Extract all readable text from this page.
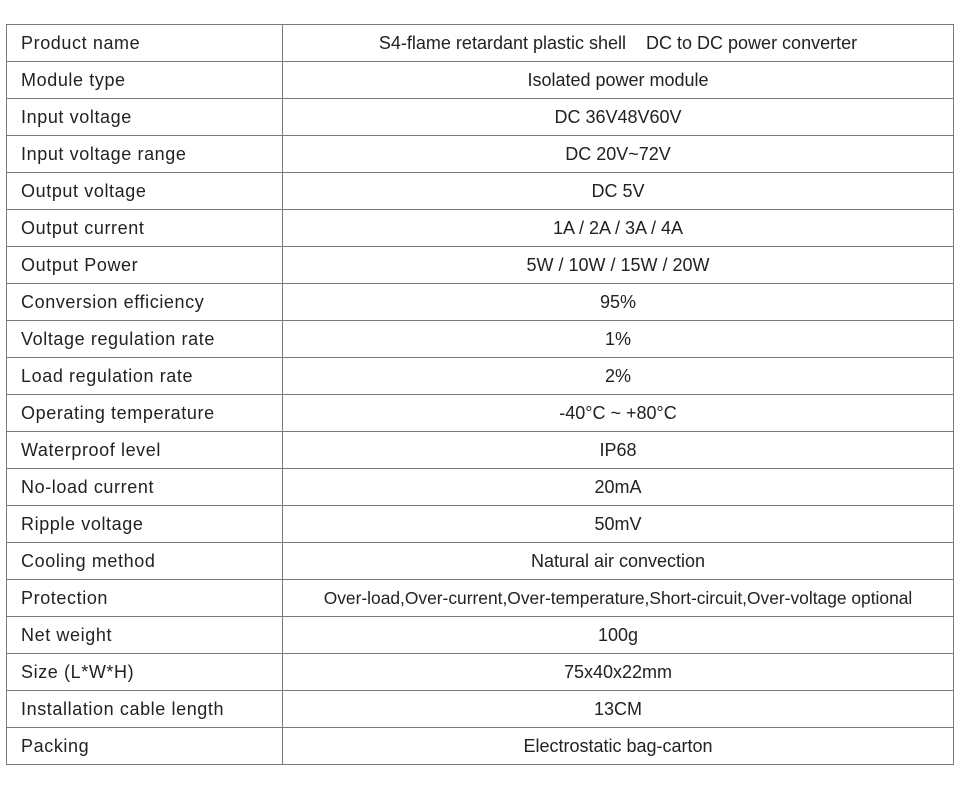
Product name	S4-flame retardant plastic shell    DC to DC power converter
Module type	Isolated power module
Input voltage	DC 36V48V60V
Input voltage range	DC 20V~72V
Output voltage	DC 5V
Output current	1A / 2A / 3A / 4A
Output Power	5W / 10W / 15W / 20W
Conversion efficiency	95%
Voltage regulation rate	1%
Load regulation rate	2%
Operating temperature	-40°C ~ +80°C
Waterproof level	IP68
No-load current	20mA
Ripple voltage	50mV
Cooling method	Natural air convection
Protection	Over-load,Over-current,Over-temperature,Short-circuit,Over-voltage optional
Net weight	100g
Size (L*W*H)	75x40x22mm
Installation cable length	13CM
Packing	Electrostatic bag-carton
